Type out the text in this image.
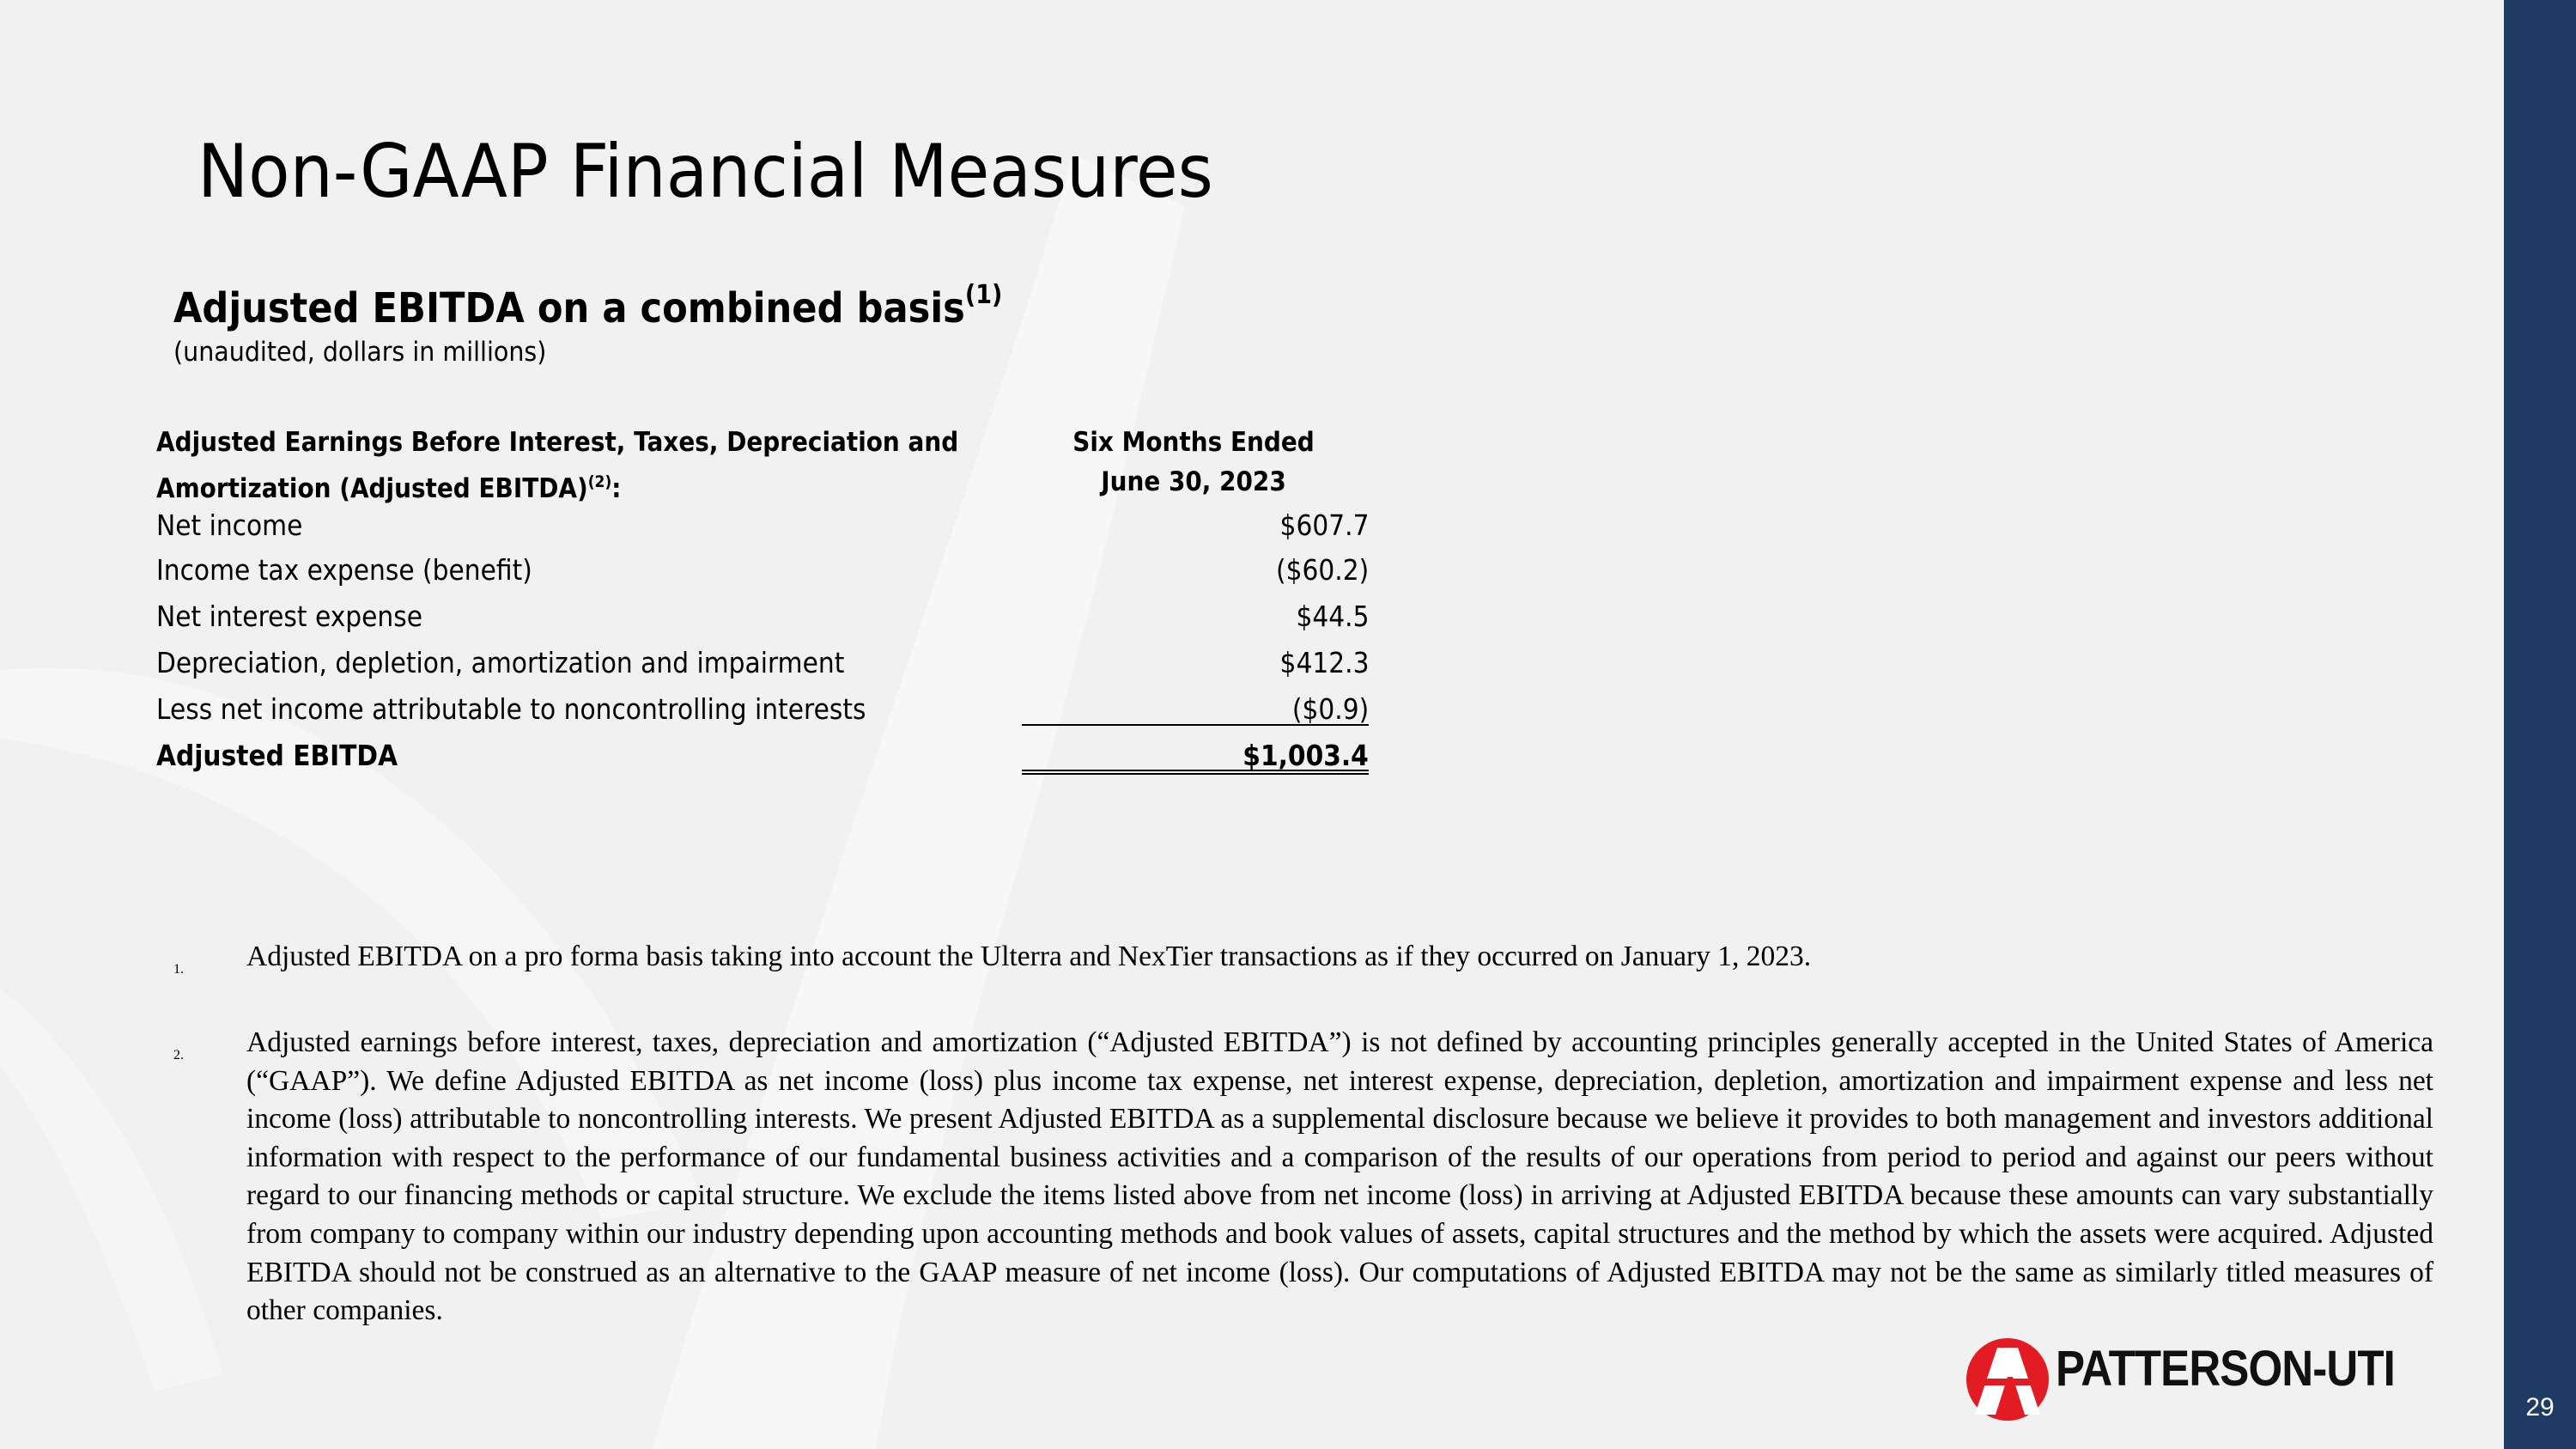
29
Non-GAAP Financial Measures
Adjusted EBITDA on a combined basis$^{(1)}$
(unaudited, dollars in millions)
Adjusted Earnings Before Interest, Taxes, Depreciation and
Amortization (Adjusted EBITDA)$^{(2)}$:
Six Months Ended
June 30, 2023
Net income	$607.7
Income tax expense (benefit)	($60.2)
Net interest expense	$44.5
Depreciation, depletion, amortization and impairment	$412.3
Less net income attributable to noncontrolling interests	($0.9)
Adjusted EBITDA	$1,003.4
1. Adjusted EBITDA on a pro forma basis taking into account the Ulterra and NexTier transactions as if they occurred on January 1, 2023.
2. Adjusted earnings before interest, taxes, depreciation and amortization (“Adjusted EBITDA”) is not defined by accounting principles generally accepted in the United States of America (“GAAP”). We define Adjusted EBITDA as net income (loss) plus income tax expense, net interest expense, depreciation, depletion, amortization and impairment expense and less net income (loss) attributable to noncontrolling interests. We present Adjusted EBITDA as a supplemental disclosure because we believe it provides to both management and investors additional information with respect to the performance of our fundamental business activities and a comparison of the results of our operations from period to period and against our peers without regard to our financing methods or capital structure. We exclude the items listed above from net income (loss) in arriving at Adjusted EBITDA because these amounts can vary substantially from company to company within our industry depending upon accounting methods and book values of assets, capital structures and the method by which the assets were acquired. Adjusted EBITDA should not be construed as an alternative to the GAAP measure of net income (loss). Our computations of Adjusted EBITDA may not be the same as similarly titled measures of other companies.
PATTERSON-UTI
